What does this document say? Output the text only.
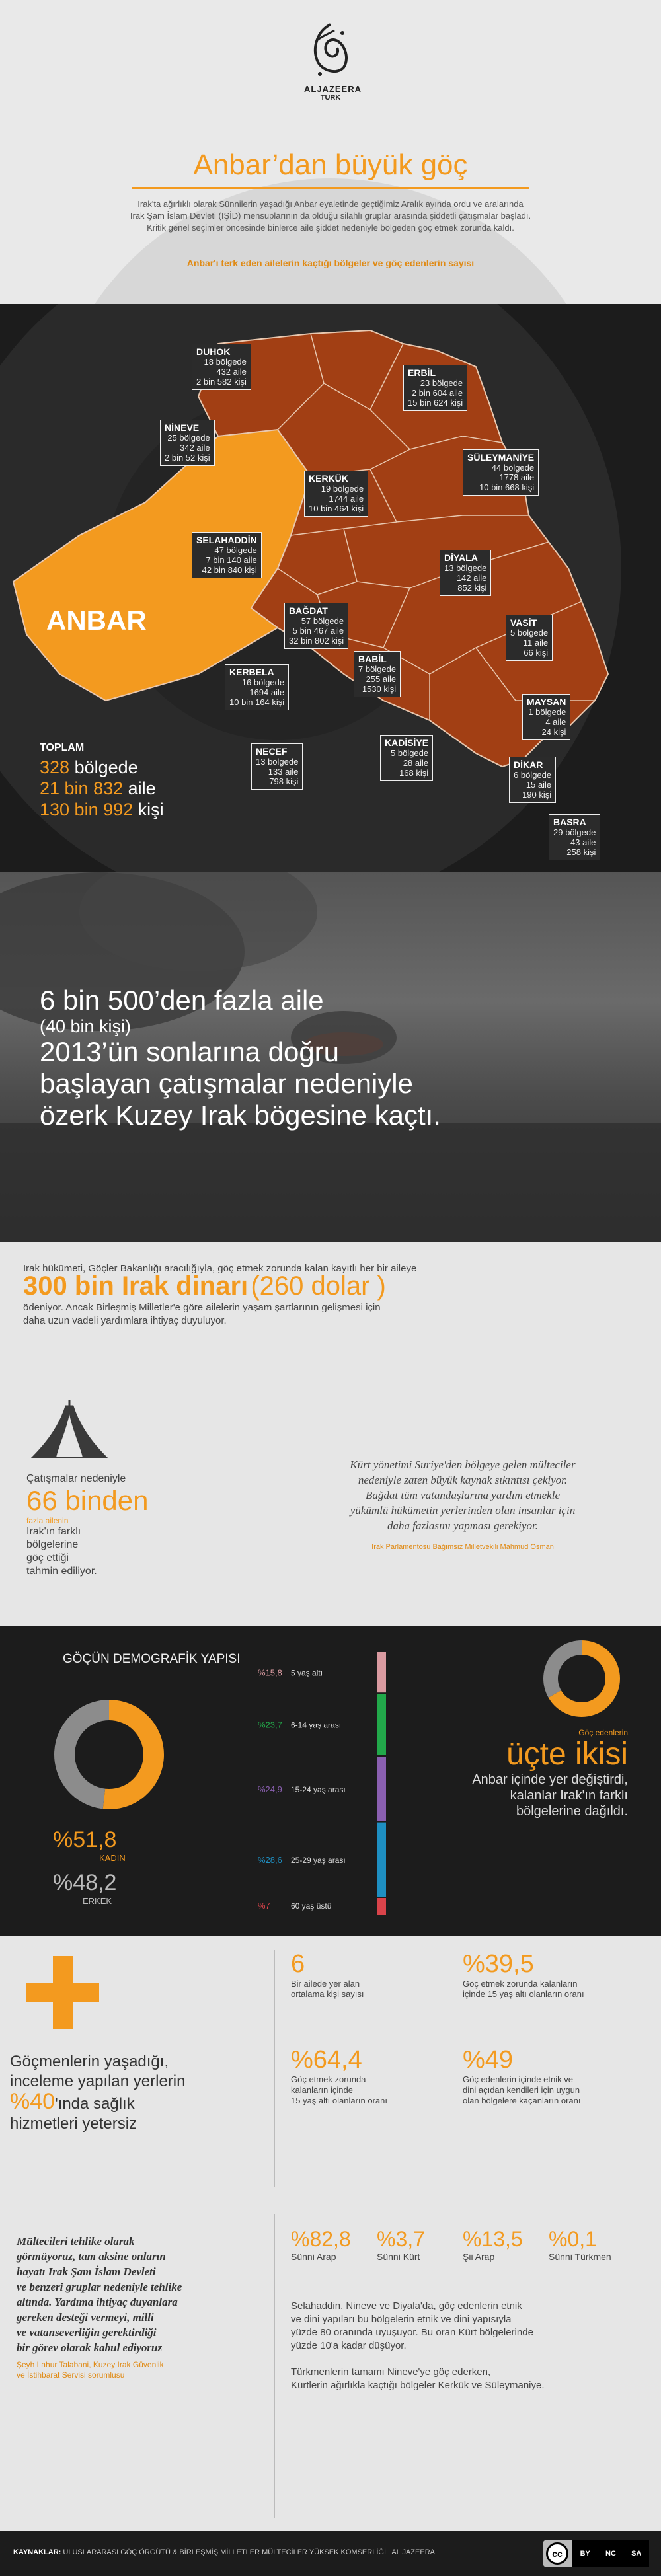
ALJAZEERA
TURK
Anbar’dan büyük göç
Irak'ta ağırlıklı olarak Sünnilerin yaşadığı Anbar eyaletinde geçtiğimiz Aralık ayında ordu ve aralarında
Irak Şam İslam Devleti (IŞİD) mensuplarının da olduğu silahlı gruplar arasında şiddetli çatışmalar başladı.
Kritik genel seçimler öncesinde binlerce aile şiddet nedeniyle bölgeden göç etmek zorunda kaldı.
Anbar'ı terk eden ailelerin kaçtığı bölgeler ve göç edenlerin sayısı
ANBAR
DUHOK
18 bölgede
432 aile
2 bin 582 kişi
ERBİL
23 bölgede
2 bin 604 aile
15 bin 624 kişi
NİNEVE
25 bölgede
342 aile
2 bin 52 kişi	SÜLEYMANİYE
44 bölgede
1778 aile
10 bin 668 kişi
KERKÜK
19 bölgede
1744 aile
10 bin 464 kişi
SELAHADDİN
47 bölgede
7 bin 140 aile
42 bin 840 kişi
DİYALA
13 bölgede
142 aile
852 kişi
BAĞDAT
57 bölgede
5 bin 467 aile
32 bin 802 kişi
VASİT
5 bölgede
11 aile
66 kişi
KERBELA
16 bölgede
1694 aile
10 bin 164 kişi
BABİL
7 bölgede
255 aile
1530 kişi
MAYSAN
1 bölgede
4 aile
24 kişi
NECEF
13 bölgede
133 aile
798 kişi
KADİSİYE
5 bölgede
28 aile
168 kişi
DİKAR
6 bölgede
15 aile
190 kişi
BASRA
29 bölgede
43 aile
258 kişi
TOPLAM
328 bölgede
21 bin 832 aile
130 bin 992 kişi
6 bin 500’den fazla aile
(40 bin kişi)
2013’ün sonlarına doğru
başlayan çatışmalar nedeniyle
özerk Kuzey Irak bögesine kaçtı.
Irak hükümeti, Göçler Bakanlığı aracılığıyla, göç etmek zorunda kalan kayıtlı her bir aileye
300 bin Irak dinarı (260 dolar )
ödeniyor. Ancak Birleşmiş Milletler'e göre ailelerin yaşam şartlarının gelişmesi için
daha uzun vadeli yardımlara ihtiyaç duyuluyor.
Çatışmalar nedeniyle
66 binden
fazla ailenin
Irak'ın farklı
bölgelerine
göç ettiği
tahmin ediliyor.
Kürt yönetimi Suriye'den bölgeye gelen mülteciler
nedeniyle zaten büyük kaynak sıkıntısı çekiyor.
Bağdat tüm vatandaşlarına yardım etmekle
yükümlü hükümetin yerlerinden olan insanlar için
daha fazlasını yapması gerekiyor.
Irak Parlamentosu Bağımsız Milletvekili Mahmud Osman
GÖÇÜN DEMOGRAFİK YAPISI
%51,8
KADIN
%48,2
ERKEK
%15,8 5 yaş altı
%23,7 6-14 yaş arası
%24,9 15-24 yaş arası
%28,6 25-29 yaş arası
%7	60 yaş üstü
Göç edenlerin
üçte ikisi
Anbar içinde yer değiştirdi,
kalanlar Irak'ın farklı
bölgelerine dağıldı.
Göçmenlerin yaşadığı,
inceleme yapılan yerlerin
%40'ında sağlık
hizmetleri yetersiz
6
Bir ailede yer alan
ortalama kişi sayısı
%39,5
Göç etmek zorunda kalanların
içinde 15 yaş altı olanların oranı
%64,4
Göç etmek zorunda
kalanların içinde
15 yaş altı olanların oranı
%49
Göç edenlerin içinde etnik ve
dini açıdan kendileri için uygun
olan bölgelere kaçanların oranı
%82,8
Sünni Arap
%3,7
Sünni Kürt
%13,5
Şii Arap
%0,1
Sünni Türkmen
Mültecileri tehlike olarak
görmüyoruz, tam aksine onların
hayatı Irak Şam İslam Devleti
ve benzeri gruplar nedeniyle tehlike
altında. Yardıma ihtiyaç duyanlara
gereken desteği vermeyi, milli
ve vatanseverliğin gerektirdiği
bir görev olarak kabul ediyoruz
Şeyh Lahur Talabani, Kuzey Irak Güvenlik
ve İstihbarat Servisi sorumlusu
Selahaddin, Nineve ve Diyala'da, göç edenlerin etnik
ve dini yapıları bu bölgelerin etnik ve dini yapısıyla
yüzde 80 oranında uyuşuyor. Bu oran Kürt bölgelerinde
yüzde 10'a kadar düşüyor.
Türkmenlerin tamamı Nineve'ye göç ederken,
Kürtlerin ağırlıkla kaçtığı bölgeler Kerkük ve Süleymaniye.
KAYNAKLAR: ULUSLARARASI GÖÇ ÖRGÜTÜ & BİRLEŞMİŞ MİLLETLER MÜLTECİLER YÜKSEK KOMSERLİĞİ | AL JAZEERA	cc	BY NC SA
